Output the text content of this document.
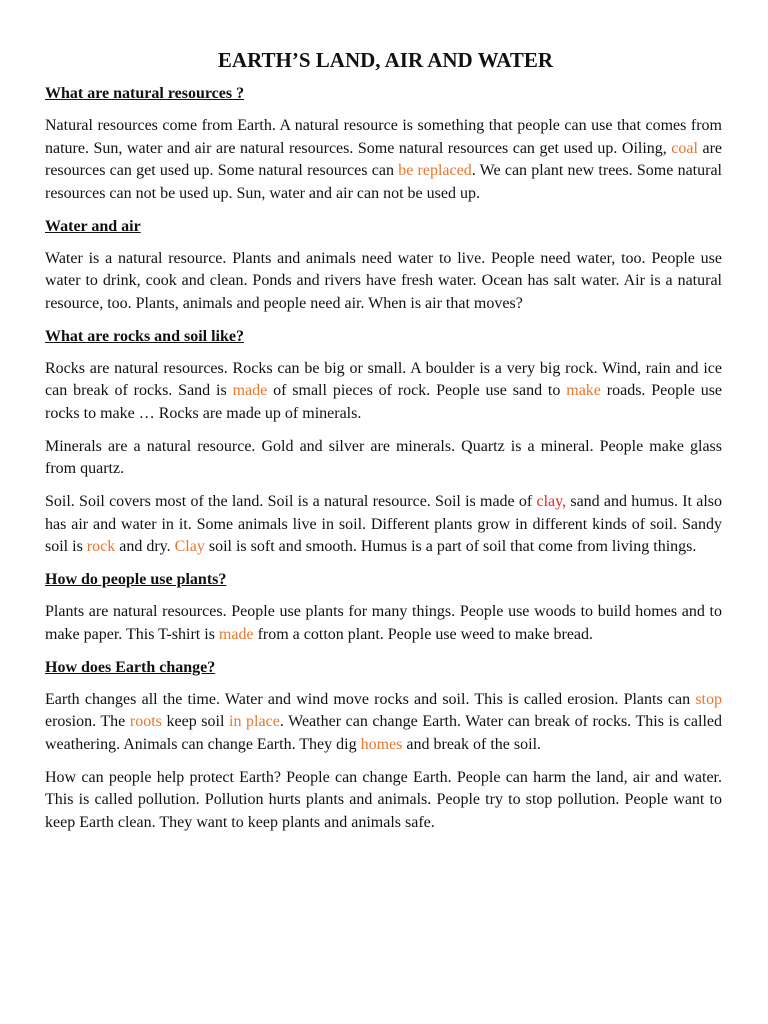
EARTH’S LAND, AIR AND WATER
What are natural resources ?

Natural resources come from Earth. A natural resource is something that people can use that comes from nature. Sun, water and air are natural resources. Some natural resources can get used up. Oiling, coal are resources can get used up. Some natural resources can be replaced. We can plant new trees. Some natural resources can not be used up. Sun, water and air can not be used up.

Water and air

Water is a natural resource. Plants and animals need water to live. People need water, too. People use water to drink, cook and clean. Ponds and rivers have fresh water. Ocean has salt water. Air is a natural resource, too. Plants, animals and people need air. When is air that moves?

What are rocks and soil like?

Rocks are natural resources. Rocks can be big or small. A boulder is a very big rock. Wind, rain and ice can break of rocks. Sand is made of small pieces of rock. People use sand to make roads. People use rocks to make … Rocks are made up of minerals.

Minerals are a natural resource. Gold and silver are minerals. Quartz is a mineral. People make glass from quartz.

Soil. Soil covers most of the land. Soil is a natural resource. Soil is made of clay, sand and humus. It also has air and water in it. Some animals live in soil. Different plants grow in different kinds of soil. Sandy soil is rock and dry. Clay soil is soft and smooth. Humus is a part of soil that come from living things.

How do people use plants?

Plants are natural resources. People use plants for many things. People use woods to build homes and to make paper. This T-shirt is made from a cotton plant. People use weed to make bread.

How does Earth change?

Earth changes all the time. Water and wind move rocks and soil. This is called erosion. Plants can stop erosion. The roots keep soil in place. Weather can change Earth. Water can break of rocks. This is called weathering. Animals can change Earth. They dig homes and break of the soil.

How can people help protect Earth? People can change Earth. People can harm the land, air and water. This is called pollution. Pollution hurts plants and animals. People try to stop pollution. People want to keep Earth clean. They want to keep plants and animals safe.
